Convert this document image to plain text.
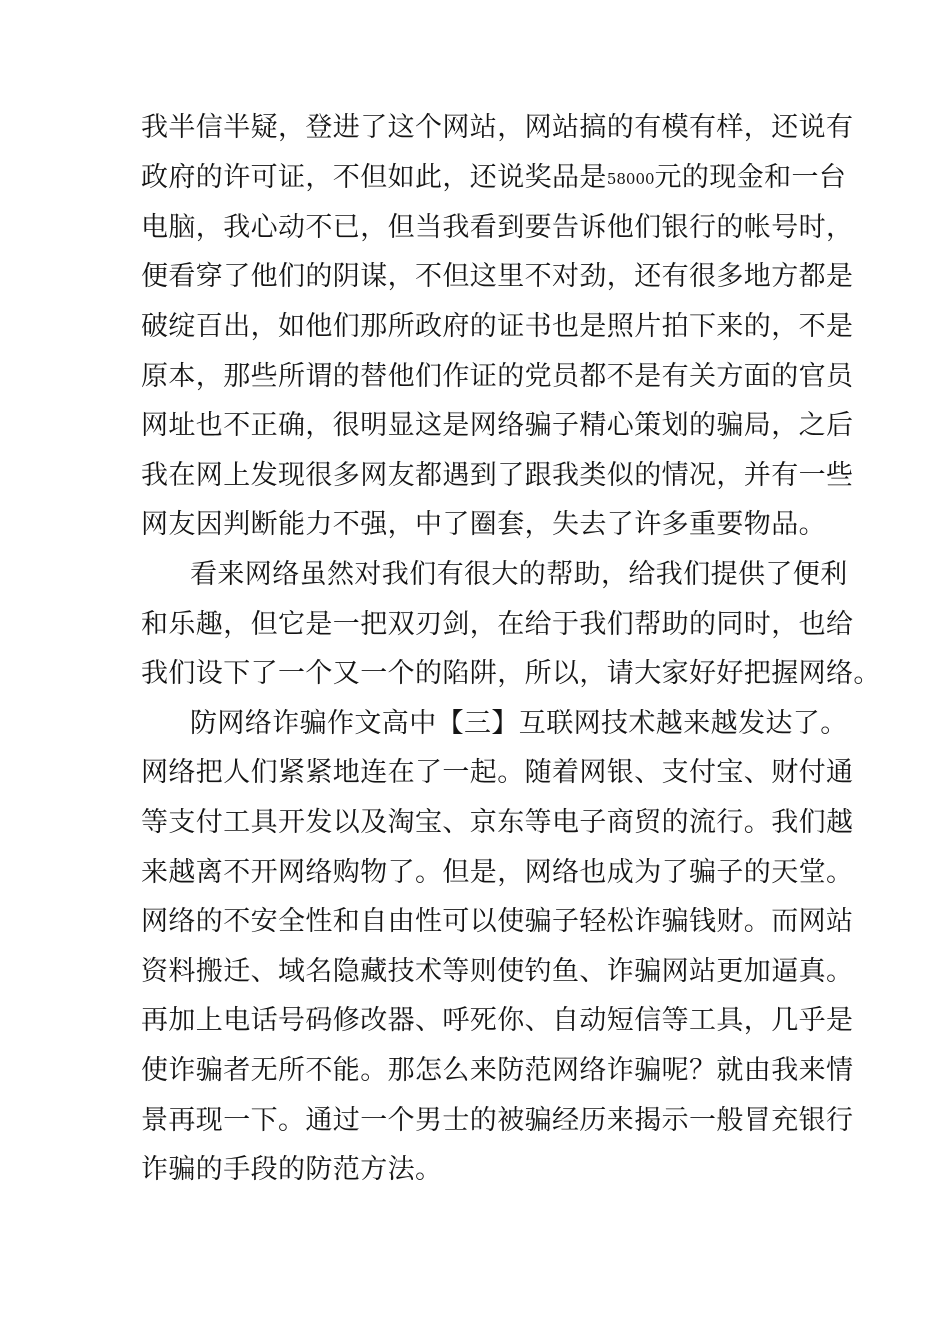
我半信半疑，登进了这个网站，网站搞的有模有样，还说有
政府的许可证，不但如此，还说奖品是58000元的现金和一台
电脑，我心动不已，但当我看到要告诉他们银行的帐号时，
便看穿了他们的阴谋，不但这里不对劲，还有很多地方都是
破绽百出，如他们那所政府的证书也是照片拍下来的，不是
原本，那些所谓的替他们作证的党员都不是有关方面的官员
网址也不正确，很明显这是网络骗子精心策划的骗局，之后
我在网上发现很多网友都遇到了跟我类似的情况，并有一些
网友因判断能力不强，中了圈套，失去了许多重要物品。
看来网络虽然对我们有很大的帮助，给我们提供了便利
和乐趣，但它是一把双刃剑，在给于我们帮助的同时，也给
我们设下了一个又一个的陷阱，所以，请大家好好把握网络。
防网络诈骗作文高中【三】互联网技术越来越发达了。
网络把人们紧紧地连在了一起。随着网银、支付宝、财付通
等支付工具开发以及淘宝、京东等电子商贸的流行。我们越
来越离不开网络购物了。但是，网络也成为了骗子的天堂。
网络的不安全性和自由性可以使骗子轻松诈骗钱财。而网站
资料搬迁、域名隐藏技术等则使钓鱼、诈骗网站更加逼真。
再加上电话号码修改器、呼死你、自动短信等工具，几乎是
使诈骗者无所不能。那怎么来防范网络诈骗呢？就由我来情
景再现一下。通过一个男士的被骗经历来揭示一般冒充银行
诈骗的手段的防范方法。
